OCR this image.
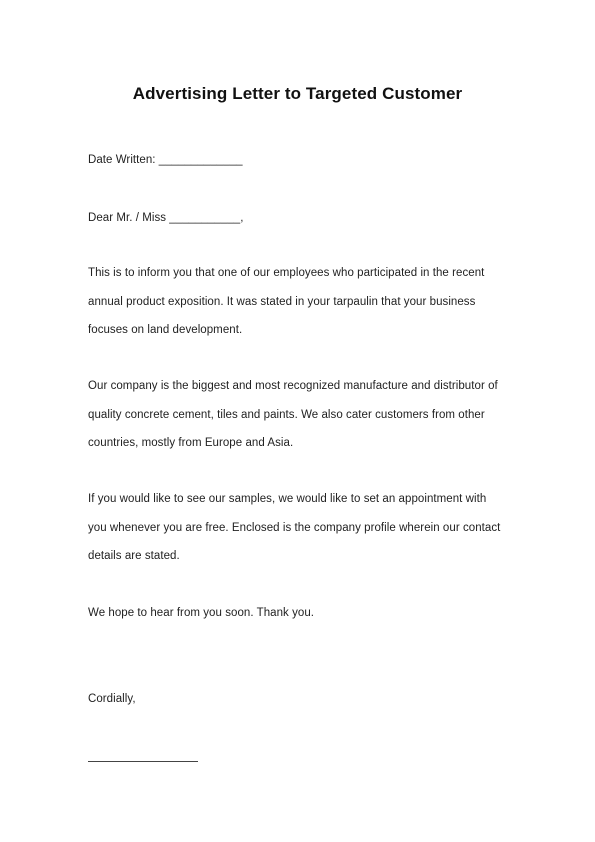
Advertising Letter to Targeted Customer
Date Written: _____________
Dear Mr. / Miss ___________,
This is to inform you that one of our employees who participated in the recent
annual product exposition. It was stated in your tarpaulin that your business
focuses on land development.
Our company is the biggest and most recognized manufacture and distributor of
quality concrete cement, tiles and paints. We also cater customers from other
countries, mostly from Europe and Asia.
If you would like to see our samples, we would like to set an appointment with
you whenever you are free. Enclosed is the company profile wherein our contact
details are stated.
We hope to hear from you soon. Thank you.
Cordially,
